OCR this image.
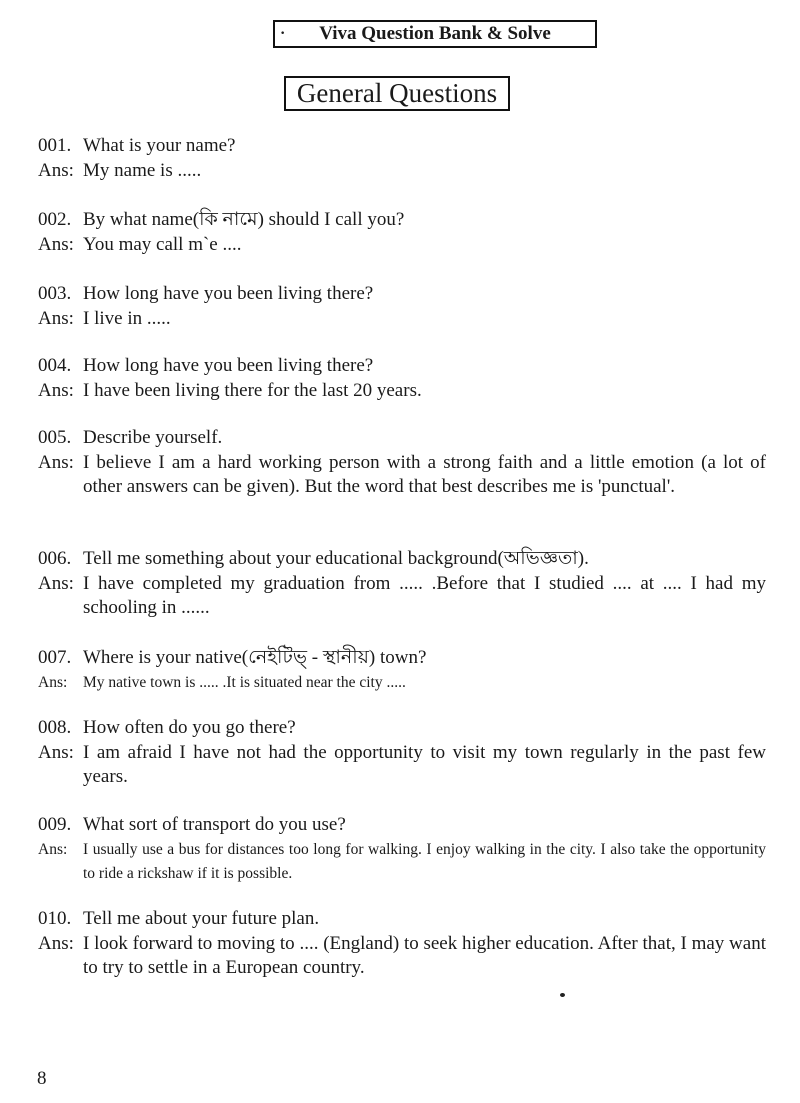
· Viva Question Bank & Solve
General Questions
001. What is your name?
Ans: My name is .....
002. By what name(কি নামে) should I call you?
Ans: You may call m`e ....
003. How long have you been living there?
Ans: I live in .....
004. How long have you been living there?
Ans: I have been living there for the last 20 years.
005. Describe yourself.
Ans: I believe I am a hard working person with a strong faith and a little emotion (a lot of other answers can be given). But the word that best describes me is 'punctual'.
006. Tell me something about your educational background(অভিজ্ঞতা).
Ans: I have completed my graduation from ..... .Before that I studied .... at .... I had my schooling in ......
007. Where is your native(নেইটিভ্ - স্থানীয়) town?
Ans:	My native town is ..... .It is situated near the city .....
008. How often do you go there?
Ans: I am afraid I have not had the opportunity to visit my town regularly in the past few years.
009. What sort of transport do you use?
Ans:	I usually use a bus for distances too long for walking. I enjoy walking in the city. I also take the opportunity to ride a rickshaw if it is possible.
010. Tell me about your future plan.
Ans: I look forward to moving to .... (England) to seek higher education. After that, I may want to try to settle in a European country.
8
